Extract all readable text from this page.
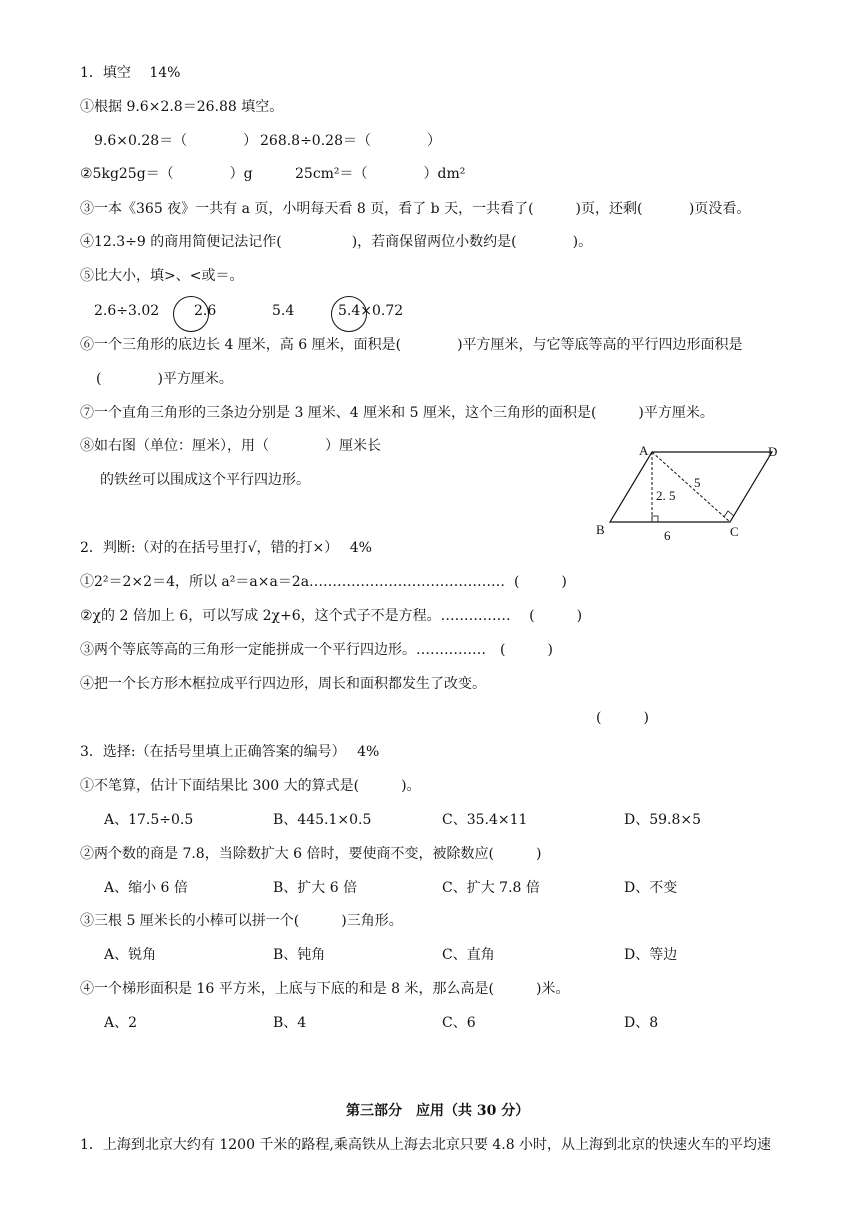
1．填空　 14%
①根据 9.6×2.8＝26.88 填空。
9.6×0.28＝（　　　　） 268.8÷0.28＝（　　　　）
②5kg25g＝（　　　　）g	25cm²＝（　　　　）dm²
③一本《365 夜》一共有 a 页，小明每天看 8 页，看了 b 天，一共看了(　　　)页，还剩(　　　 )页没看。
④12.3÷9 的商用简便记法记作(　　　　　)，若商保留两位小数约是(　　　　)。
⑤比大小，填>、<或＝。
2.6÷3.02 2.6	5.4	5.4×0.72
⑥一个三角形的底边长 4 厘米，高 6 厘米，面积是(　　　　)平方厘米，与它等底等高的平行四边形面积是
(　　　　)平方厘米。
⑦一个直角三角形的三条边分别是 3 厘米、4 厘米和 5 厘米，这个三角形的面积是(　　　)平方厘米。
⑧如右图（单位：厘米），用（　　　　）厘米长
的铁丝可以围成这个平行四边形。
A	D
B	C
2. 5
5
6
2．判断:（对的在括号里打√，错的打×）　 4%
①2²＝2×2＝4，所以 a²＝a×a＝2a……………………………………  (　　　)
②χ的 2 倍加上 6，可以写成 2χ+6，这个式子不是方程。……………　 (　　　)
③两个等底等高的三角形一定能拼成一个平行四边形。……………　(　　　)
④把一个长方形木框拉成平行四边形，周长和面积都发生了改变。
(　　　)
3．选择:（在括号里填上正确答案的编号）　 4%
①不笔算，估计下面结果比 300 大的算式是(　　　)。
A、17.5÷0.5	B、445.1×0.5	C、35.4×11	D、59.8×5
②两个数的商是 7.8，当除数扩大 6 倍时，要使商不变，被除数应(　　　)
A、缩小 6 倍	B、扩大 6 倍	C、扩大 7.8 倍	D、不变
③三根 5 厘米长的小棒可以拼一个(　　　)三角形。
A、锐角	B、钝角	C、直角	D、等边
④一个梯形面积是 16 平方米，上底与下底的和是 8 米，那么高是(　　　)米。
A、2	B、4	C、6	D、8
第三部分　应用（共 30 分）
1．上海到北京大约有 1200 千米的路程,乘高铁从上海去北京只要 4.8 小时，从上海到北京的快速火车的平均速
